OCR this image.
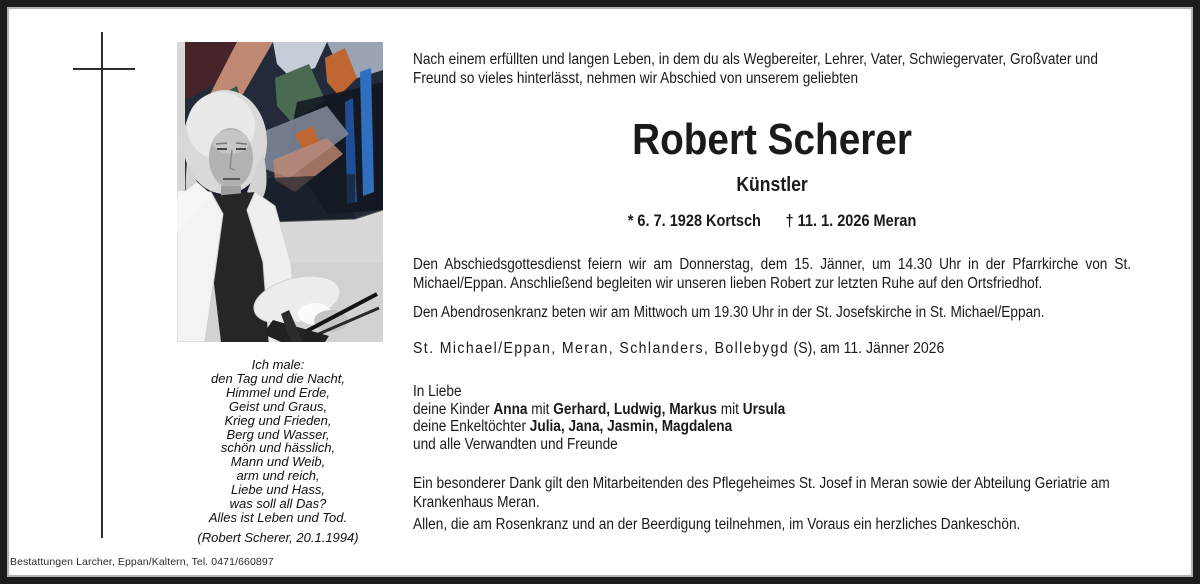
Ich male:
den Tag und die Nacht,
Himmel und Erde,
Geist und Graus,
Krieg und Frieden,
Berg und Wasser,
schön und hässlich,
Mann und Weib,
arm und reich,
Liebe und Hass,
was soll all Das?
Alles ist Leben und Tod.
(Robert Scherer, 20.1.1994)
Nach einem erfüllten und langen Leben, in dem du als Wegbereiter, Lehrer, Vater, Schwiegervater, Großvater und Freund so vieles hinterlässt, nehmen wir Abschied von unserem geliebten
Robert Scherer
Künstler
* 6. 7. 1928 Kortsch † 11. 1. 2026 Meran
Den Abschiedsgottesdienst feiern wir am Donnerstag, dem 15. Jänner, um 14.30 Uhr in der Pfarrkirche von St. Michael/Eppan. Anschließend begleiten wir unseren lieben Robert zur letzten Ruhe auf den Ortsfriedhof.
Den Abendrosenkranz beten wir am Mittwoch um 19.30 Uhr in der St. Josefskirche in St. Michael/Eppan.
St. Michael/Eppan, Meran, Schlanders, Bollebygd (S), am 11. Jänner 2026
In Liebe
deine Kinder Anna mit Gerhard, Ludwig, Markus mit Ursula
deine Enkeltöchter Julia, Jana, Jasmin, Magdalena
und alle Verwandten und Freunde
Ein besonderer Dank gilt den Mitarbeitenden des Pflegeheimes St. Josef in Meran sowie der Abteilung Geriatrie am Krankenhaus Meran.
Allen, die am Rosenkranz und an der Beerdigung teilnehmen, im Voraus ein herzliches Dankeschön.
Bestattungen Larcher, Eppan/Kaltern, Tel. 0471/660897
